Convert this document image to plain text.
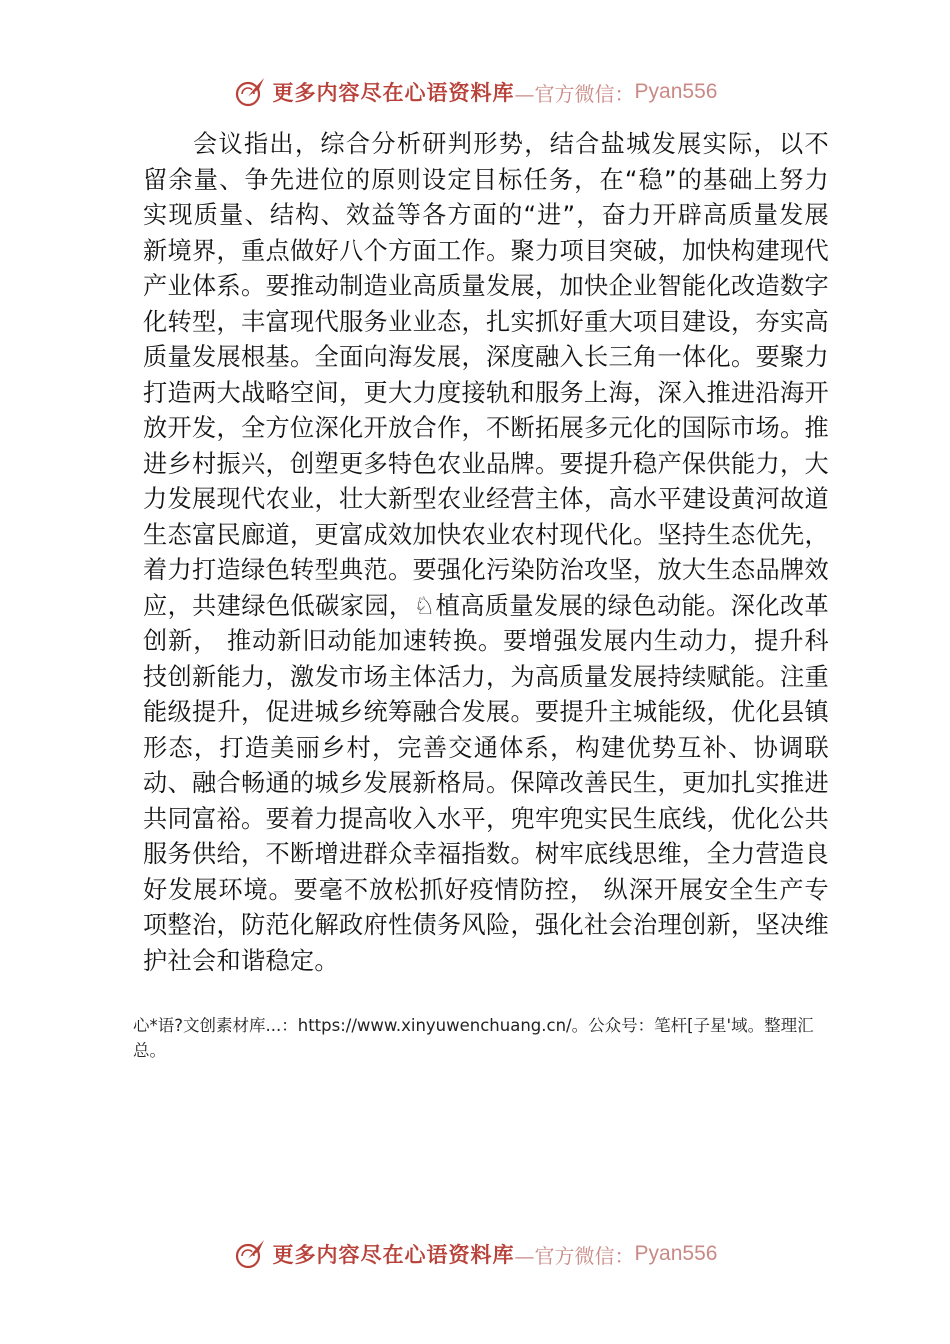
更多内容尽在心语资料库 —官方微信： Pyan556

会议指出，综合分析研判形势，结合盐城发展实际，以不留余量、争先进位的原则设定目标任务，在“稳”的基础上努力实现质量、结构、效益等各方面的“进”，奋力开辟高质量发展新境界，重点做好八个方面工作。聚力项目突破，加快构建现代产业体系。要推动制造业高质量发展，加快企业智能化改造数字化转型，丰富现代服务业业态，扎实抓好重大项目建设，夯实高质量发展根基。全面向海发展，深度融入长三角一体化。要聚力打造两大战略空间，更大力度接轨和服务上海，深入推进沿海开放开发，全方位深化开放合作，不断拓展多元化的国际市场。推进乡村振兴，创塑更多特色农业品牌。要提升稳产保供能力，大力发展现代农业，壮大新型农业经营主体，高水平建设黄河故道生态富民廊道，更富成效加快农业农村现代化。坚持生态优先，着力打造绿色转型典范。要强化污染防治攻坚，放大生态品牌效应，共建绿色低碳家园，♘植高质量发展的绿色动能。深化改革创新， 推动新旧动能加速转换。要增强发展内生动力，提升科技创新能力，激发市场主体活力，为高质量发展持续赋能。注重能级提升，促进城乡统筹融合发展。要提升主城能级，优化县镇形态，打造美丽乡村，完善交通体系，构建优势互补、协调联动、融合畅通的城乡发展新格局。保障改善民生，更加扎实推进共同富裕。要着力提高收入水平，兜牢兜实民生底线，优化公共服务供给，不断增进群众幸福指数。树牢底线思维，全力营造良好发展环境。要毫不放松抓好疫情防控， 纵深开展安全生产专项整治，防范化解政府性债务风险，强化社会治理创新，坚决维护社会和谐稳定。

心*语?文创素材库...：https://www.xinyuwenchuang.cn/。公众号：笔杆[子星'域。整理汇总。

更多内容尽在心语资料库 —官方微信： Pyan556
